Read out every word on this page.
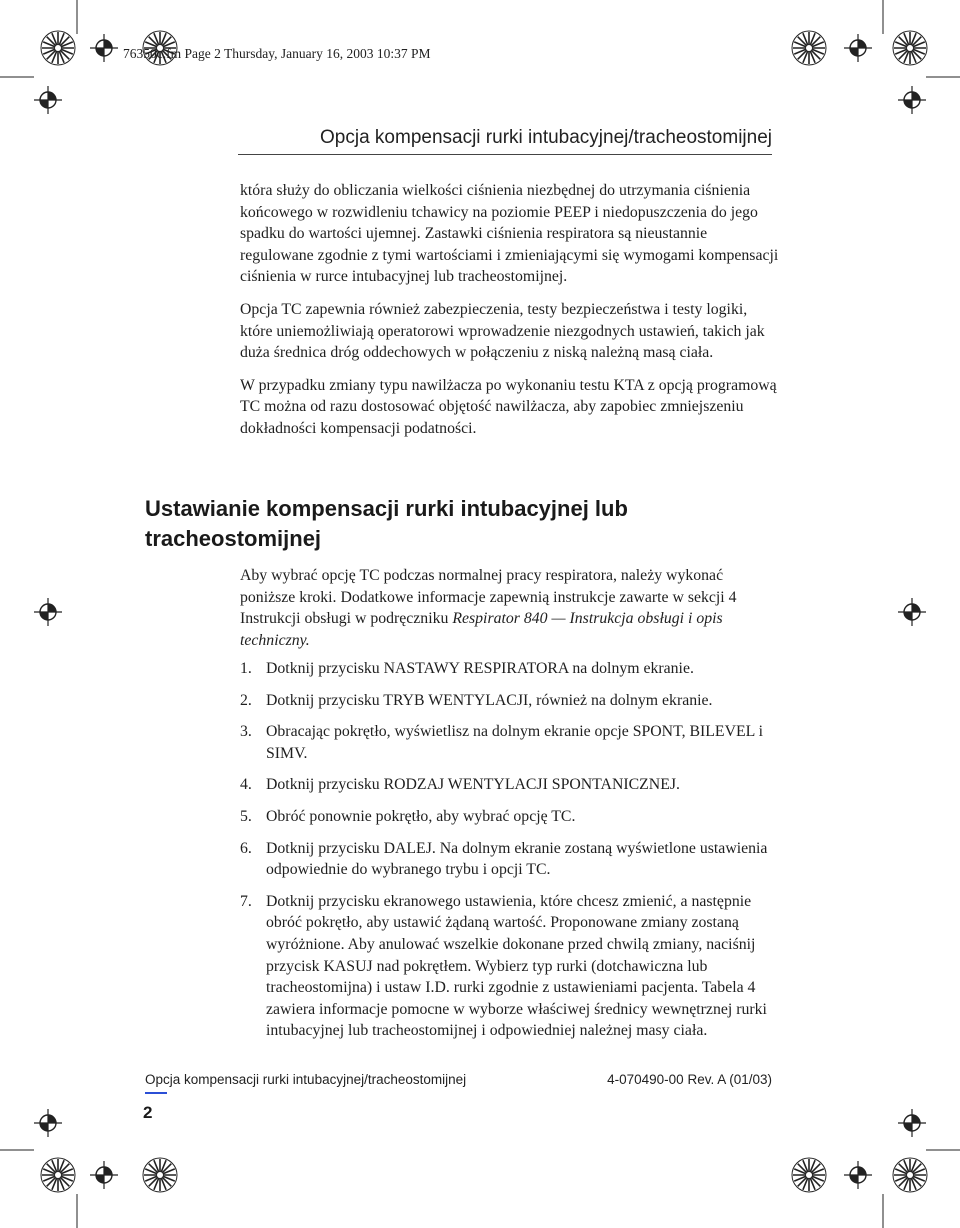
76350c.fm Page 2 Thursday, January 16, 2003 10:37 PM
Opcja kompensacji rurki intubacyjnej/tracheostomijnej

która służy do obliczania wielkości ciśnienia niezbędnej do utrzymania ciśnienia końcowego w rozwidleniu tchawicy na poziomie PEEP i niedopuszczenia do jego spadku do wartości ujemnej. Zastawki ciśnienia respiratora są nieustannie regulowane zgodnie z tymi wartościami i zmieniającymi się wymogami kompensacji ciśnienia w rurce intubacyjnej lub tracheostomijnej.

Opcja TC zapewnia również zabezpieczenia, testy bezpieczeństwa i testy logiki, które uniemożliwiają operatorowi wprowadzenie niezgodnych ustawień, takich jak duża średnica dróg oddechowych w połączeniu z niską należną masą ciała.

W przypadku zmiany typu nawilżacza po wykonaniu testu KTA z opcją programową TC można od razu dostosować objętość nawilżacza, aby zapobiec zmniejszeniu dokładności kompensacji podatności.

Ustawianie kompensacji rurki intubacyjnej lub tracheostomijnej

Aby wybrać opcję TC podczas normalnej pracy respiratora, należy wykonać poniższe kroki. Dodatkowe informacje zapewnią instrukcje zawarte w sekcji 4 Instrukcji obsługi w podręczniku Respirator 840 — Instrukcja obsługi i opis techniczny.

1. Dotknij przycisku NASTAWY RESPIRATORA na dolnym ekranie.
2. Dotknij przycisku TRYB WENTYLACJI, również na dolnym ekranie.
3. Obracając pokrętło, wyświetlisz na dolnym ekranie opcje SPONT, BILEVEL i SIMV.
4. Dotknij przycisku RODZAJ WENTYLACJI SPONTANICZNEJ.
5. Obróć ponownie pokrętło, aby wybrać opcję TC.
6. Dotknij przycisku DALEJ. Na dolnym ekranie zostaną wyświetlone ustawienia odpowiednie do wybranego trybu i opcji TC.
7. Dotknij przycisku ekranowego ustawienia, które chcesz zmienić, a następnie obróć pokrętło, aby ustawić żądaną wartość. Proponowane zmiany zostaną wyróżnione. Aby anulować wszelkie dokonane przed chwilą zmiany, naciśnij przycisk KASUJ nad pokrętłem. Wybierz typ rurki (dotchawiczna lub tracheostomijna) i ustaw I.D. rurki zgodnie z ustawieniami pacjenta. Tabela 4 zawiera informacje pomocne w wyborze właściwej średnicy wewnętrznej rurki intubacyjnej lub tracheostomijnej i odpowiedniej należnej masy ciała.
Opcja kompensacji rurki intubacyjnej/tracheostomijnej	4-070490-00 Rev. A (01/03)
2
